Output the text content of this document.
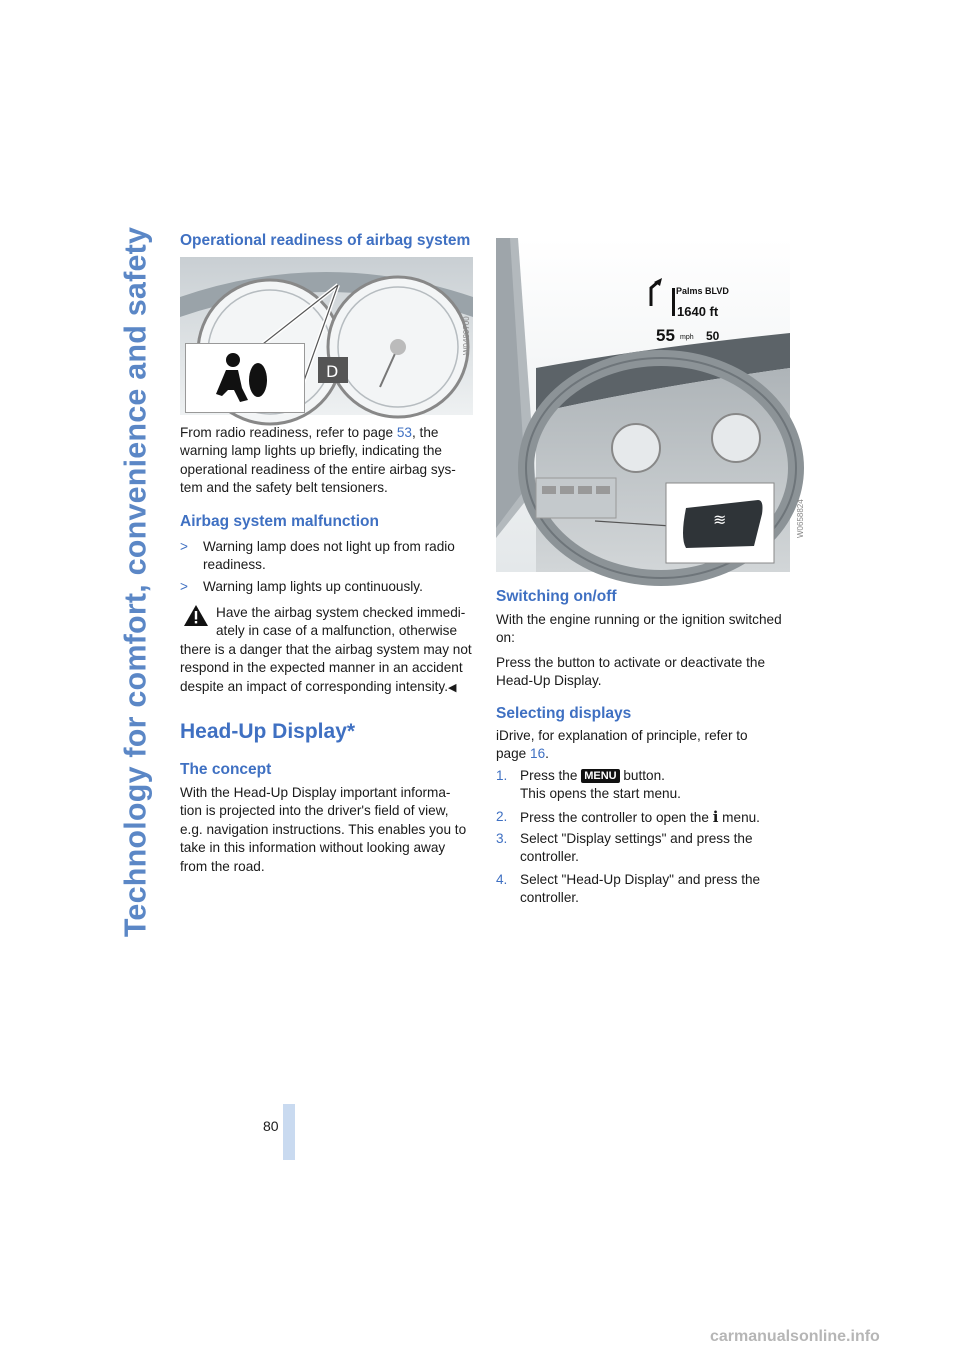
Technology for comfort, convenience and safety Operational readiness of airbag system
D
W0480700

From radio readiness, refer to page 53, the warning lamp lights up briefly, indicating the operational readiness of the entire airbag sys- tem and the safety belt tensioners.

Airbag system malfunction
> Warning lamp does not light up from radio
readiness.
> Warning lamp lights up continuously.
Have the airbag system checked immedi-
ately in case of a malfunction, otherwise
there is a danger that the airbag system may not
respond in the expected manner in an accident
despite an impact of corresponding intensity.◀
Head-Up Display*
The concept
With the Head-Up Display important informa-
tion is projected into the driver's field of view,
e.g. navigation instructions. This enables you to
take in this information without looking away
from the road.
Palms BLVD
1640 ft
55 mph 50
≋	W0658824
Switching on/off
With the engine running or the ignition switched
on:
Press the button to activate or deactivate the
Head-Up Display.
Selecting displays
iDrive, for explanation of principle, refer to
page 16.
1. Press the MENU button.
This opens the start menu.
2. Press the controller to open the i menu.
3. Select "Display settings" and press the
controller.
4. Select "Head-Up Display" and press the
controller.
80
carmanualsonline.info
